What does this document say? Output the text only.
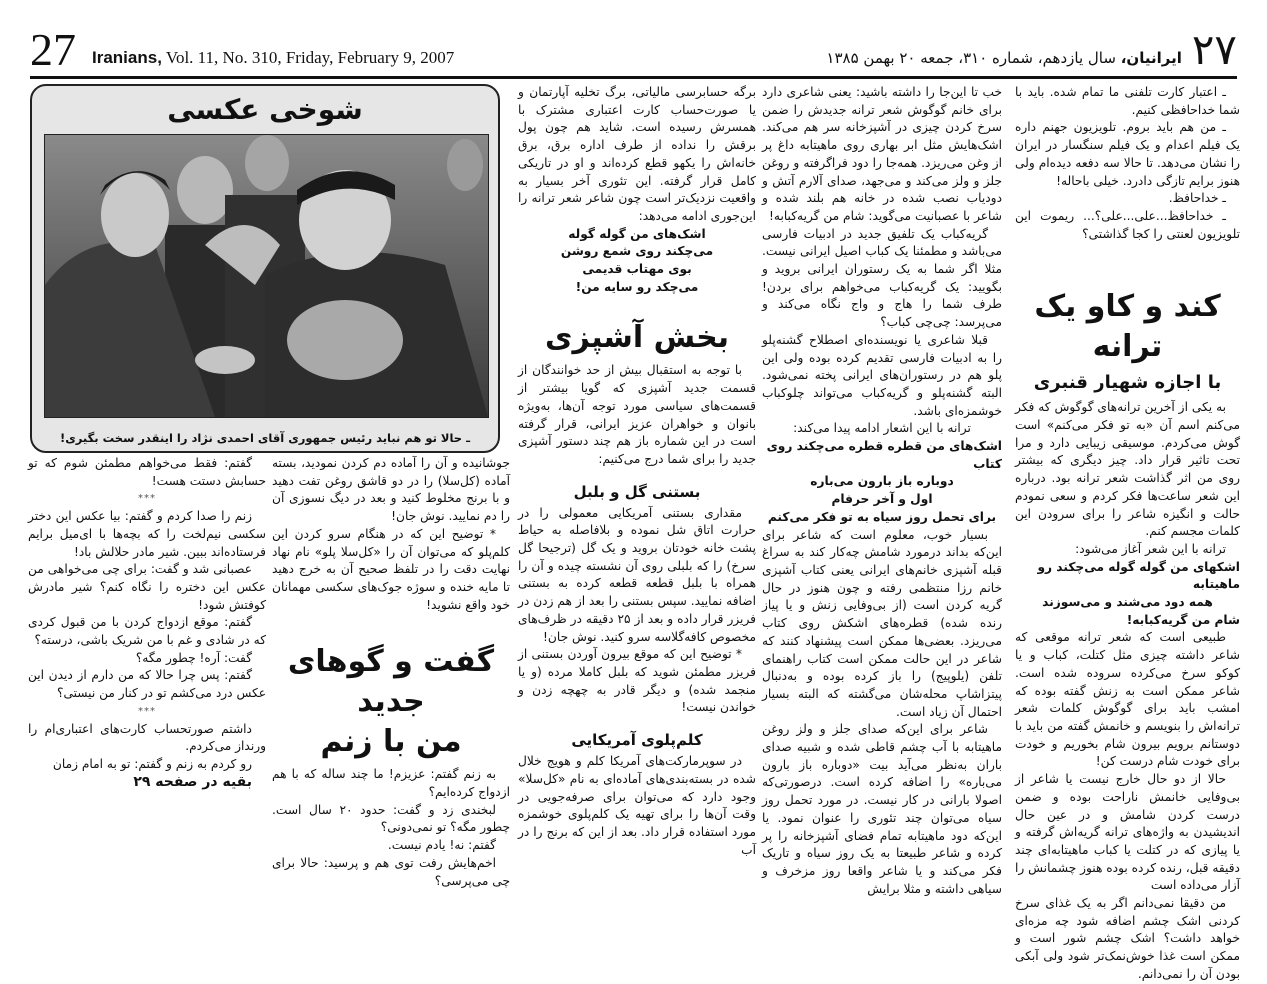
27 Iranians, Vol. 11, No. 310, Friday, February 9, 2007	۲۷
ایرانیان، سال یازدهم، شماره ۳۱۰، جمعه ۲۰ بهمن ۱۳۸۵
شوخی عکسی
ـ حالا تو هم نباید رئیس جمهوری آقای احمدی نژاد را اینقدر سخت بگیری!

ـ اعتبار کارت تلفنی ما تمام شده. باید با شما خداحافظی کنیم.

ـ من هم باید بروم. تلویزیون جهنم داره یک فیلم اعدام و یک فیلم سنگسار در ایران را نشان می‌دهد. تا حالا سه دفعه دیده‌ام ولی هنوز برایم تازگی دادرد. خیلی باحاله!

ـ خداحافظ.

ـ خداحافظ...علی...علی؟... ریموت این تلویزیون لعنتی را کجا گذاشتی؟

کند و کاو یک ترانه
با اجازه شهیار قنبری

به یکی از آخرین ترانه‌های گوگوش که فکر می‌کنم اسم آن «به تو فکر می‌کنم» است گوش می‌کردم. موسیقی زیبایی دارد و مرا تحت تاثیر قرار داد. چیز دیگری که بیشتر روی من اثر گذاشت شعر ترانه بود. درباره این شعر ساعت‌ها فکر کردم و سعی نمودم حالت و انگیزه شاعر را برای سرودن این کلمات مجسم کنم.

ترانه با این شعر آغاز می‌شود:

اشکهای من گوله گوله می‌چکند رو ماهیتابه

همه دود می‌شند و می‌سوزند

شام من گریه‌کبابه!

طبیعی است که شعر ترانه موقعی که شاعر داشته چیزی مثل کتلت، کباب و یا کوکو سرخ می‌کرده سروده شده است. شاعر ممکن است به زنش گفته بوده که امشب باید برای گوگوش کلمات شعر ترانه‌اش را بنویسم و خانمش گفته من باید با دوستانم برویم بیرون شام بخوریم و خودت برای خودت شام درست کن!

حالا از دو حال خارج نیست یا شاعر از بی‌وفایی خانمش ناراحت بوده و ضمن درست کردن شامش و در عین حال اندیشیدن به واژه‌های ترانه گریه‌اش گرفته و یا پیازی که در کتلت یا کباب ماهیتابه‌ای چند دقیقه قبل، رنده کرده بوده هنوز چشمانش را آزار می‌داده است

من دقیقا نمی‌دانم اگر به یک غذای سرخ کردنی اشک چشم اضافه شود چه مزه‌ای خواهد داشت؟ اشک چشم شور است و ممکن است غذا خوش‌نمک‌تر شود ولی آبکی بودن آن را نمی‌دانم.

خب تا این‌جا را داشته باشید: یعنی شاعری دارد برای خانم گوگوش شعر ترانه جدیدش را ضمن سرخ کردن چیزی در آشپزخانه سر هم می‌کند. اشک‌هایش مثل ابر بهاری روی ماهیتابه داغ پر از وغن می‌ریزد. همه‌جا را دود فراگرفته و روغن جلز و ولز می‌کند و می‌جهد، صدای آلارم آتش و دودیاب نصب شده در خانه هم بلند شده و شاعر با عصبانیت می‌گوید: شام من گریه‌کبابه!

گریه‌کباب یک تلفیق جدید در ادبیات فارسی می‌باشد و مطمئنا یک کباب اصیل ایرانی نیست. مثلا اگر شما به یک رستوران ایرانی بروید و بگویید: یک گریه‌کباب می‌خواهم برای بردن! طرف شما را هاج و واج نگاه می‌کند و می‌پرسد: چی‌چی کباب؟

قبلا شاعری یا نویسنده‌ای اصطلاح گشنه‌پلو را به ادبیات فارسی تقدیم کرده بوده ولی این پلو هم در رستوران‌های ایرانی پخته نمی‌شود. البته گشنه‌پلو و گریه‌کباب می‌تواند چلوکباب خوشمزه‌ای باشد.

ترانه با این اشعار ادامه پیدا می‌کند:

اشک‌های من قطره قطره می‌چکند روی کتاب

دوباره باز بارون می‌باره

اول و آخر حرفام

برای تحمل روز سیاه به تو فکر می‌کنم

بسیار خوب، معلوم است که شاعر برای این‌که بداند درمورد شامش چه‌کار کند به سراغ قبله آشپزی خانم‌های ایرانی یعنی کتاب آشپزی خانم رزا منتظمی رفته و چون هنوز در حال گریه کردن است (از بی‌وفایی زنش و یا پیاز رنده شده) قطره‌های اشکش روی کتاب می‌ریزد. بعضی‌ها ممکن است پیشنهاد کنند که شاعر در این حالت ممکن است کتاب راهنمای تلفن (یلوپیج) را باز کرده بوده و به‌دنبال پیتزاشاپ محله‌شان می‌گشته که البته بسیار احتمال آن زیاد است.

شاعر برای این‌که صدای جلز و ولز روغن ماهیتابه با آب چشم قاطی شده و شبیه صدای باران به‌نظر می‌آید بیت «دوباره باز بارون می‌باره» را اضافه کرده است. درصورتی‌که اصولا بارانی در کار نیست. در مورد تحمل روز سیاه می‌توان چند تئوری را عنوان نمود. یا این‌که دود ماهیتابه تمام فضای آشپزخانه را پر کرده و شاعر طبیعتا به یک روز سیاه و تاریک فکر می‌کند و یا شاعر واقعا روز مزخرف و سیاهی داشته و مثلا برایش

برگه حسابرسی مالیاتی، برگ تخلیه آپارتمان و یا صورت‌حساب کارت اعتباری مشترک با همسرش رسیده است. شاید هم چون پول برقش را نداده از طرف اداره برق، برق خانه‌اش را یکهو قطع کرده‌اند و او در تاریکی کامل قرار گرفته. این تئوری آخر بسیار به واقعیت نزدیک‌تر است چون شاعر شعر ترانه را این‌جوری ادامه می‌دهد:

اشک‌های من گوله گوله

می‌چکند روی شمع روشن

بوی مهتاب قدیمی

می‌چکد رو سایه من!

بخش آشپزی

با توجه به استقبال بیش از حد خوانندگان از قسمت جدید آشپزی که گویا بیشتر از قسمت‌های سیاسی مورد توجه آن‌ها، به‌ویژه بانوان و خواهران عزیز ایرانی، قرار گرفته است در این شماره باز هم چند دستور آشپزی جدید را برای شما درج می‌کنیم:

بستنی گل و بلبل

مقداری بستنی آمریکایی معمولی را در حرارت اتاق شل نموده و بلافاصله به حیاط پشت خانه خودتان بروید و یک گل (ترجیحا گل سرخ) را که بلبلی روی آن نشسته چیده و آن را همراه با بلبل قطعه قطعه کرده به بستنی اضافه نمایید. سپس بستنی را بعد از هم زدن در فریزر قرار داده و بعد از ۲۵ دقیقه در ظرف‌های مخصوص کافه‌گلاسه سرو کنید. نوش جان!

* توضیح این که موقع بیرون آوردن بستنی از فریزر مطمئن شوید که بلبل کاملا مرده (و یا منجمد شده) و دیگر قادر به چهچه زدن و خواندن نیست!

کلم‌پلوی آمریکایی

در سوپرمارکت‌های آمریکا کلم و هویج خلال شده در بسته‌بندی‌های آماده‌ای به نام «کل‌سلا» وجود دارد که می‌توان برای صرفه‌جویی در وقت آن‌ها را برای تهیه یک کلم‌پلوی خوشمزه مورد استفاده قرار داد. بعد از این که برنج را در آب

جوشانیده و آن را آماده دم کردن نمودید، بسته آماده (کل‌سلا) را در دو قاشق روغن تفت دهید و با برنج مخلوط کنید و بعد در دیگ نسوزی آن را دم نمایید. نوش جان!

* توضیح این که در هنگام سرو کردن این کلم‌پلو که می‌توان آن را «کل‌سلا پلو» نام نهاد نهایت دقت را در تلفظ صحیح آن به خرج دهید تا مایه خنده و سوژه جوک‌های سکسی مهمانان خود واقع نشوید!

گفت و گوهای جدید
من با زنم

به زنم گفتم: عزیزم! ما چند ساله که با هم ازدواج کرده‌ایم؟

لبخندی زد و گفت: حدود ۲۰ سال است. چطور مگه؟ تو نمی‌دونی؟

گفتم: نه! یادم نیست.

اخم‌هایش رفت توی هم و پرسید: حالا برای چی می‌پرسی؟

گفتم: فقط می‌خواهم مطمئن شوم که تو حسابش دستت هست!

***

زنم را صدا کردم و گفتم: بیا عکس این دختر سکسی نیم‌لخت را که بچه‌ها با ای‌میل برایم فرستاده‌اند ببین. شیر مادر حلالش باد!

عصبانی شد و گفت: برای چی می‌خواهی من عکس این دختره را نگاه کنم؟ شیر مادرش کوفتش شود!

گفتم: موقع ازدواج کردن با من قبول کردی که در شادی و غم با من شریک باشی، درسته؟

گفت: آره! چطور مگه؟

گفتم: پس چرا حالا که من دارم از دیدن این عکس درد می‌کشم تو در کنار من نیستی؟

***

داشتم صورتحساب کارت‌های اعتباری‌ام را ورنداز می‌کردم.

رو کردم به زنم و گفتم: تو به امام زمان

بقیه در صفحه ۲۹
